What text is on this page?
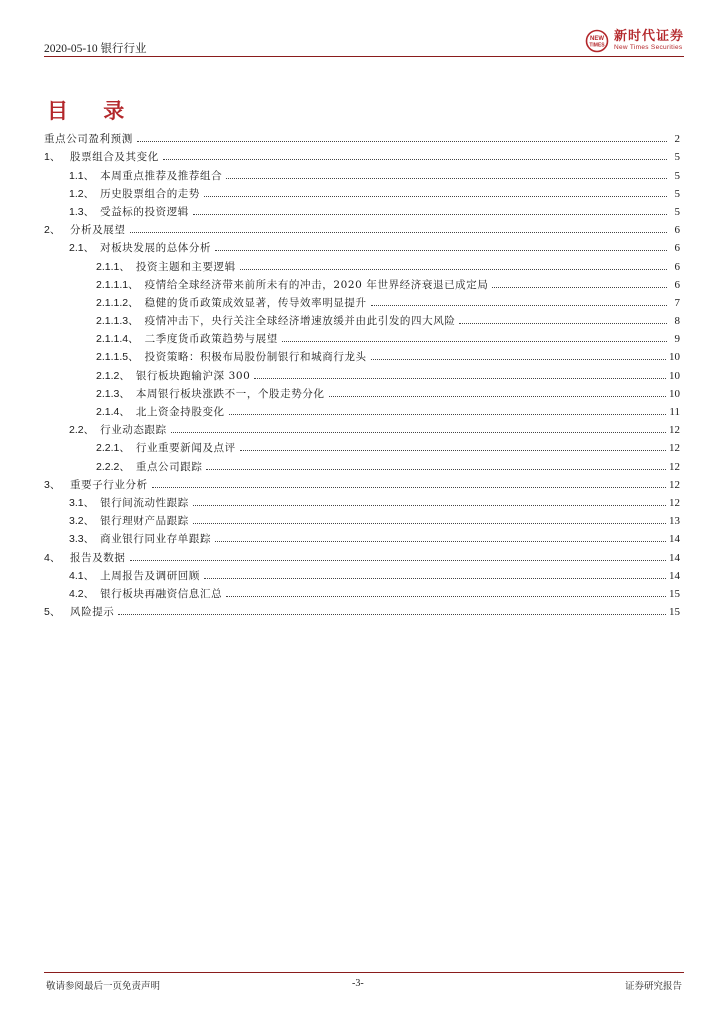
2020-05-10 银行行业
NEW
TIMES
新时代证券
New Times Securities
目 录
重点公司盈利预测	2
1、 股票组合及其变化	5
1.1、 本周重点推荐及推荐组合	5
1.2、 历史股票组合的走势	5
1.3、 受益标的投资逻辑	5
2、 分析及展望	6
2.1、 对板块发展的总体分析	6
2.1.1、 投资主题和主要逻辑	6
2.1.1.1、 疫情给全球经济带来前所未有的冲击，2020 年世界经济衰退已成定局	6
2.1.1.2、 稳健的货币政策成效显著，传导效率明显提升	7
2.1.1.3、 疫情冲击下，央行关注全球经济增速放缓并由此引发的四大风险	8
2.1.1.4、 二季度货币政策趋势与展望	9
2.1.1.5、 投资策略：积极布局股份制银行和城商行龙头	10
2.1.2、 银行板块跑输沪深 300	10
2.1.3、 本周银行板块涨跌不一，个股走势分化	10
2.1.4、 北上资金持股变化	11
2.2、 行业动态跟踪	12
2.2.1、 行业重要新闻及点评	12
2.2.2、 重点公司跟踪	12
3、 重要子行业分析	12
3.1、 银行间流动性跟踪	12
3.2、 银行理财产品跟踪	13
3.3、 商业银行同业存单跟踪	14
4、 报告及数据	14
4.1、 上周报告及调研回顾	14
4.2、 银行板块再融资信息汇总	15
5、 风险提示	15
敬请参阅最后一页免责声明	-3-	证券研究报告
